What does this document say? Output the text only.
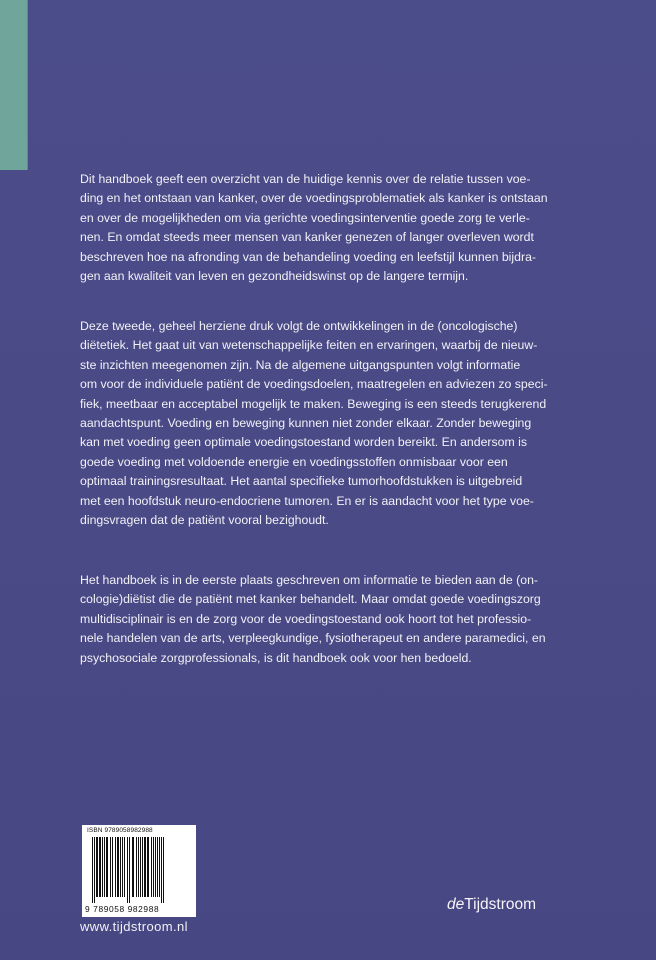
Dit handboek geeft een overzicht van de huidige kennis over de relatie tussen voe-
ding en het ontstaan van kanker, over de voedingsproblematiek als kanker is ontstaan
en over de mogelijkheden om via gerichte voedingsinterventie goede zorg te verle-
nen. En omdat steeds meer mensen van kanker genezen of langer overleven wordt
beschreven hoe na afronding van de behandeling voeding en leefstijl kunnen bijdra-
gen aan kwaliteit van leven en gezondheidswinst op de langere termijn.

Deze tweede, geheel herziene druk volgt de ontwikkelingen in de (oncologische)
diëtetiek. Het gaat uit van wetenschappelijke feiten en ervaringen, waarbij de nieuw-
ste inzichten meegenomen zijn. Na de algemene uitgangspunten volgt informatie
om voor de individuele patiënt de voedingsdoelen, maatregelen en adviezen zo speci-
fiek, meetbaar en acceptabel mogelijk te maken. Beweging is een steeds terugkerend
aandachtspunt. Voeding en beweging kunnen niet zonder elkaar. Zonder beweging
kan met voeding geen optimale voedingstoestand worden bereikt. En andersom is
goede voeding met voldoende energie en voedingsstoffen onmisbaar voor een
optimaal trainingsresultaat. Het aantal specifieke tumorhoofdstukken is uitgebreid
met een hoofdstuk neuro-endocriene tumoren. En er is aandacht voor het type voe-
dingsvragen dat de patiënt vooral bezighoudt.

Het handboek is in de eerste plaats geschreven om informatie te bieden aan de (on-
cologie)diëtist die de patiënt met kanker behandelt. Maar omdat goede voedingszorg
multidisciplinair is en de zorg voor de voedingstoestand ook hoort tot het professio-
nele handelen van de arts, verpleegkundige, fysiotherapeut en andere paramedici, en
psychosociale zorgprofessionals, is dit handboek ook voor hen bedoeld.

ISBN 9789058982988
9 789058 982988
www.tijdstroom.nl
deTijdstroom
